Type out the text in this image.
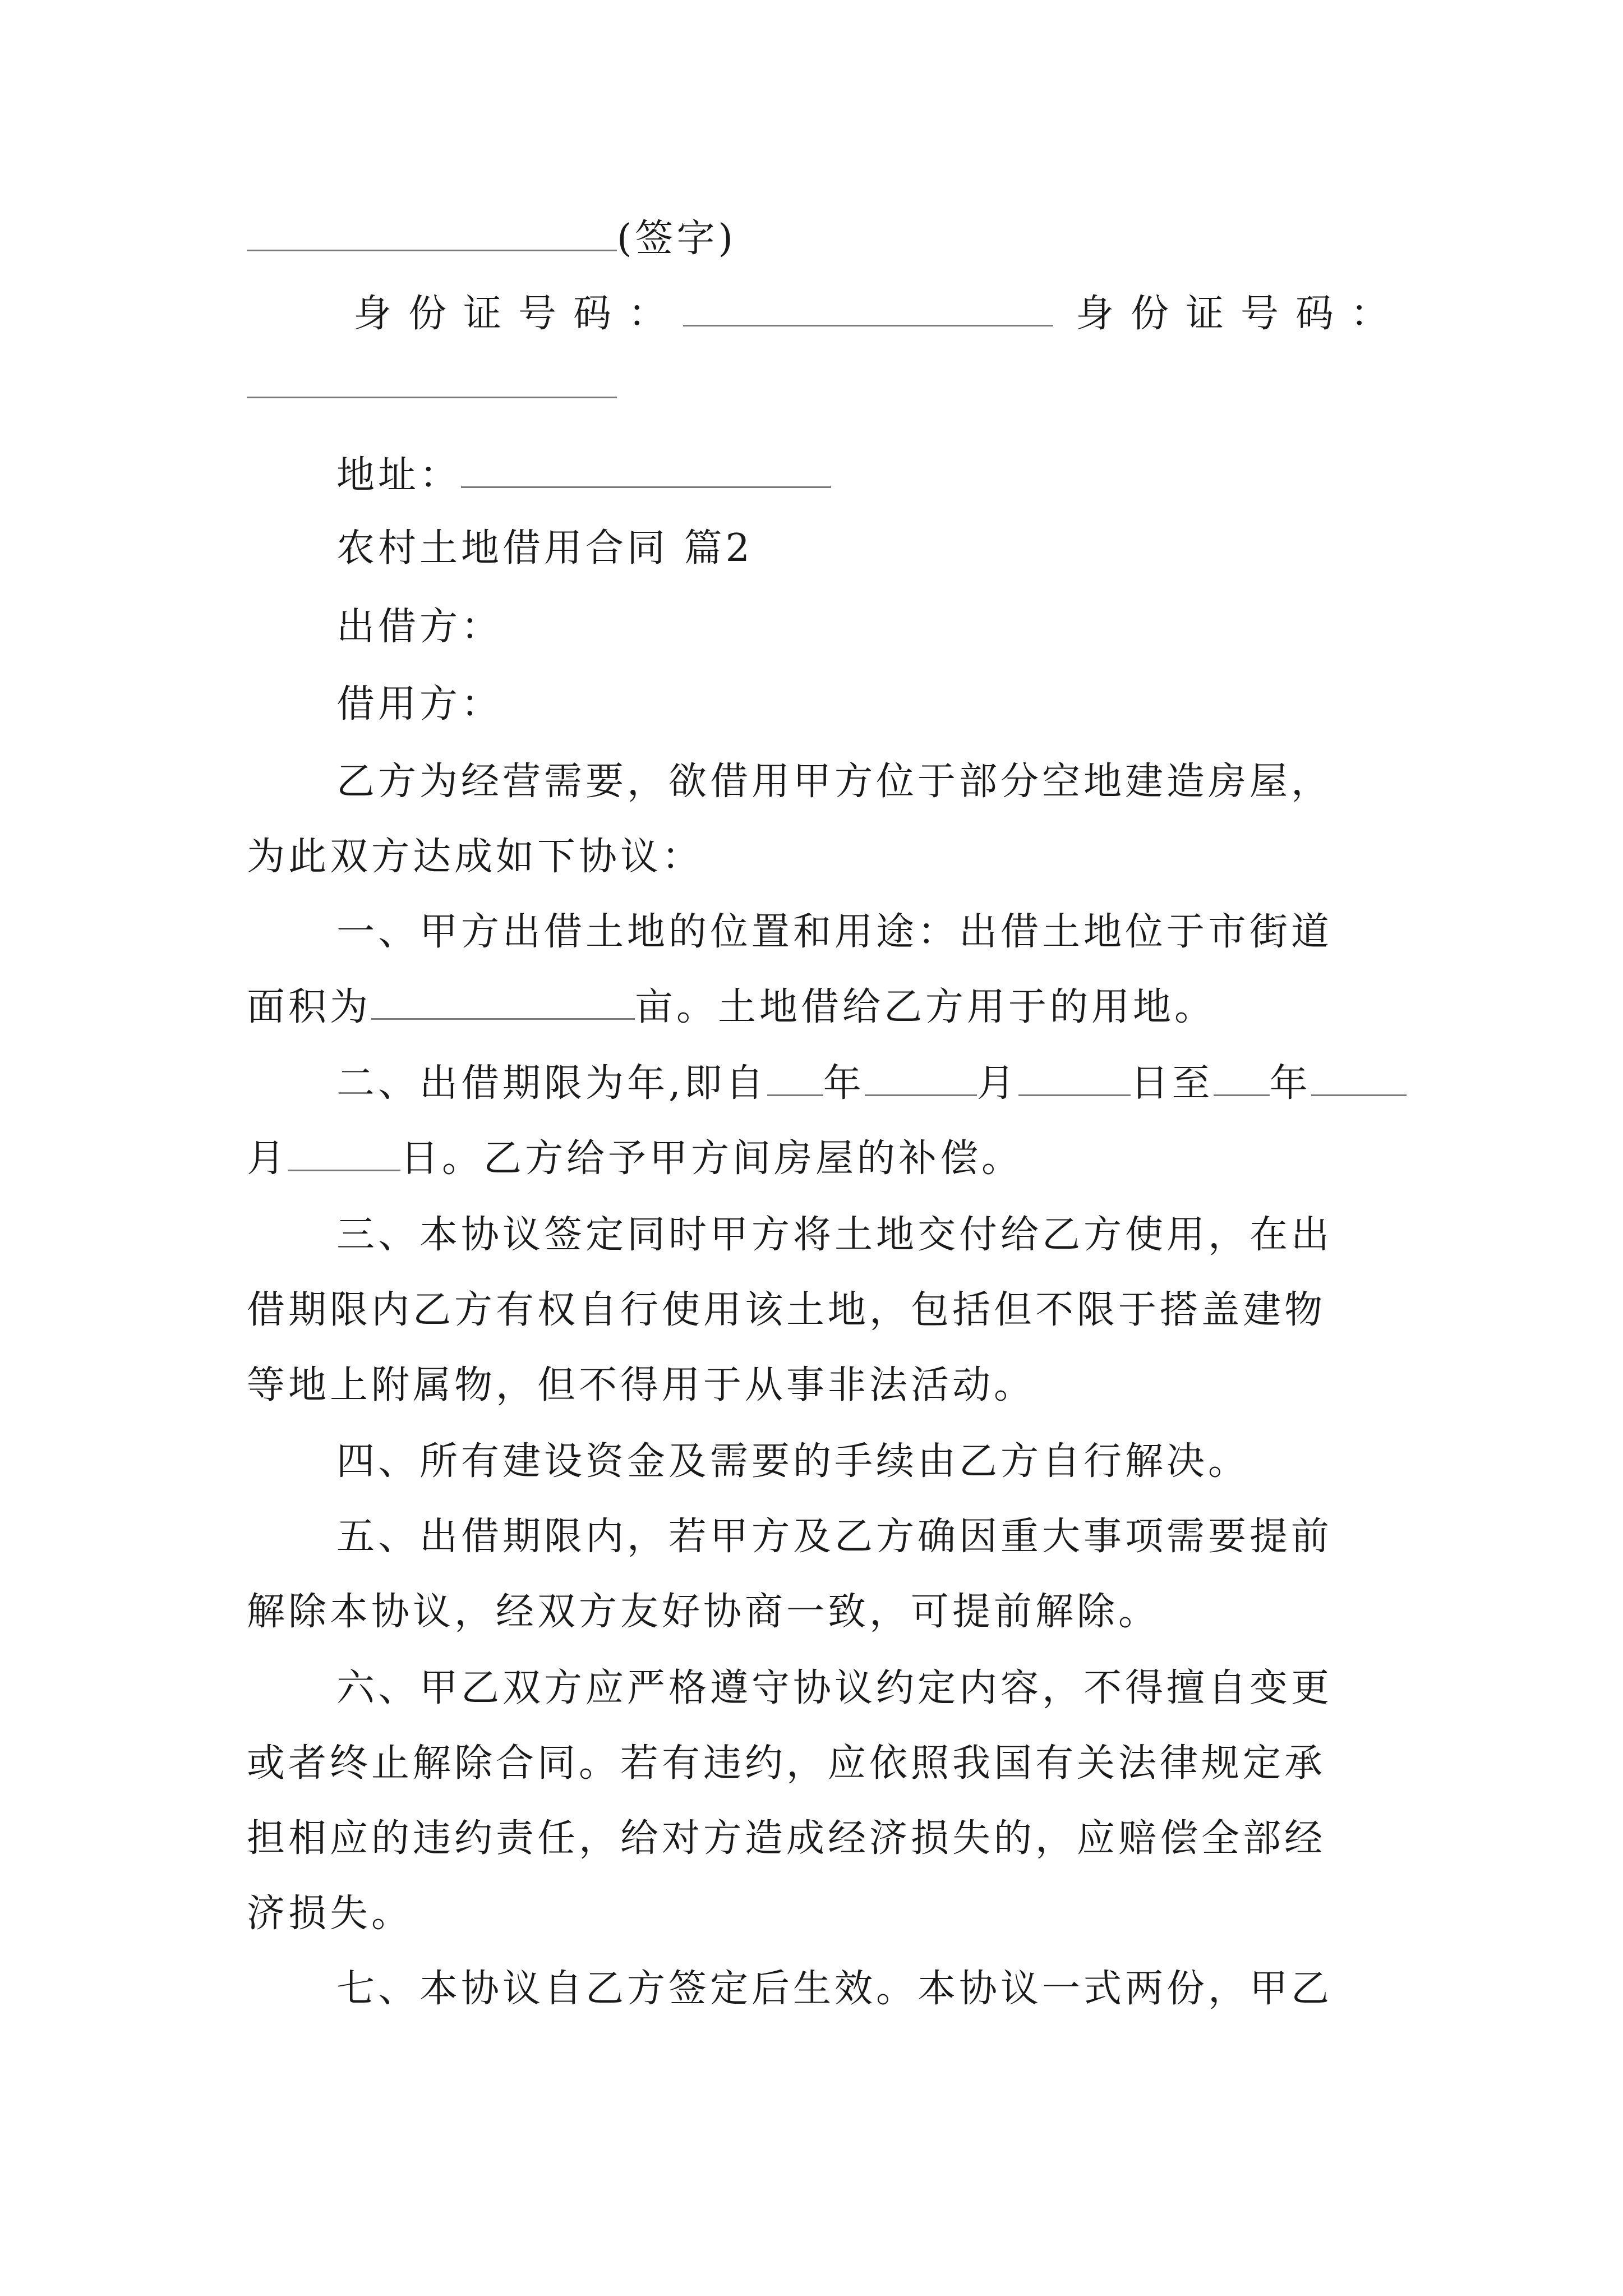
(签字)
身份证号码：	身份证号码：
地址：
农村土地借用合同 篇2
出借方：
借用方：
乙方为经营需要，欲借用甲方位于部分空地建造房屋，
为此双方达成如下协议：
一、甲方出借土地的位置和用途：出借土地位于市街道
面积为	亩。土地借给乙方用于的用地。
二、出借期限为年,即自 年	月	日至 年
月	日。乙方给予甲方间房屋的补偿。
三、本协议签定同时甲方将土地交付给乙方使用，在出
借期限内乙方有权自行使用该土地，包括但不限于搭盖建物
等地上附属物，但不得用于从事非法活动。
四、所有建设资金及需要的手续由乙方自行解决。
五、出借期限内，若甲方及乙方确因重大事项需要提前
解除本协议，经双方友好协商一致，可提前解除。
六、甲乙双方应严格遵守协议约定内容，不得擅自变更
或者终止解除合同。若有违约，应依照我国有关法律规定承
担相应的违约责任，给对方造成经济损失的，应赔偿全部经
济损失。
七、本协议自乙方签定后生效。本协议一式两份，甲乙
